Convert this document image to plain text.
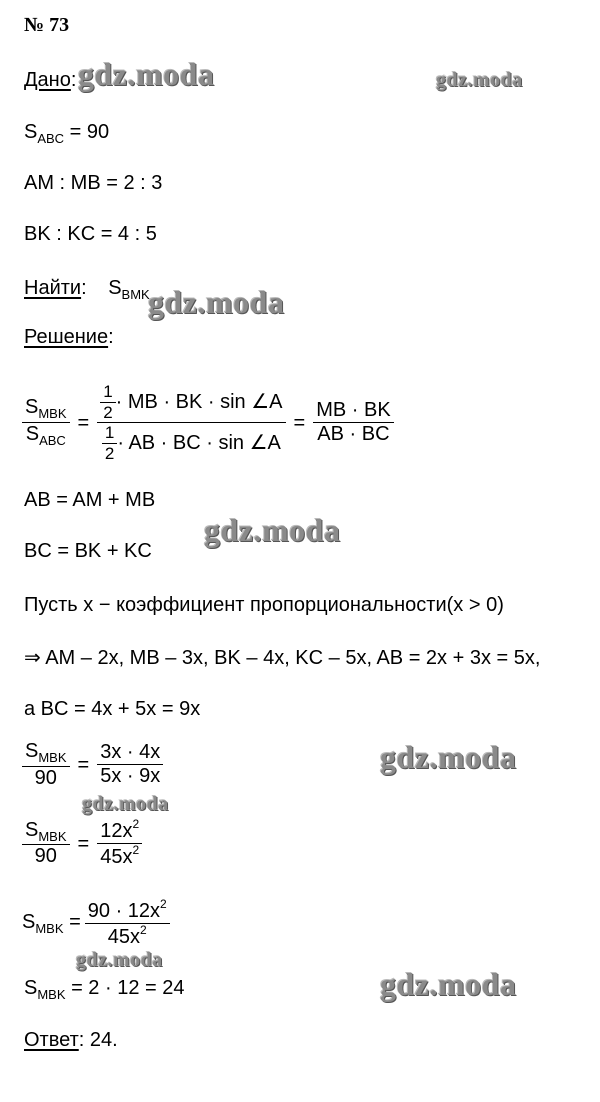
№ 73
Дано:
$S_{ABC} = 90$
AM : MB = 2 : 3
BK : KC = 4 : 5
Найти: $S_{BMK}$
Решение:
$\frac{S_{MBK}}{S_{ABC}} = \frac{\frac{1}{2} \cdot MB \cdot BK \cdot \sin \angle A}{\frac{1}{2} \cdot AB \cdot BC \cdot \sin \angle A} = \frac{MB \cdot BK}{AB \cdot BC}$
AB = AM + MB
BC = BK + KC
Пусть x − коэффициент пропорциональности(x > 0)
⇒ AM – 2x, MB – 3x, BK – 4x, KC – 5x, AB = 2x + 3x = 5x,
a BC = 4x + 5x = 9x
$\frac{S_{MBK}}{90} = \frac{3x \cdot 4x}{5x \cdot 9x}$
$\frac{S_{MBK}}{90} = \frac{12x^2}{45x^2}$
$S_{MBK} = \frac{90 \cdot 12x^2}{45x^2}$
$S_{MBK} = 2 \cdot 12 = 24$
Ответ: 24.
gdz.moda	gdz.moda
gdz.moda
gdz.moda
gdz.moda
gdz.moda
gdz.moda
gdz.moda
